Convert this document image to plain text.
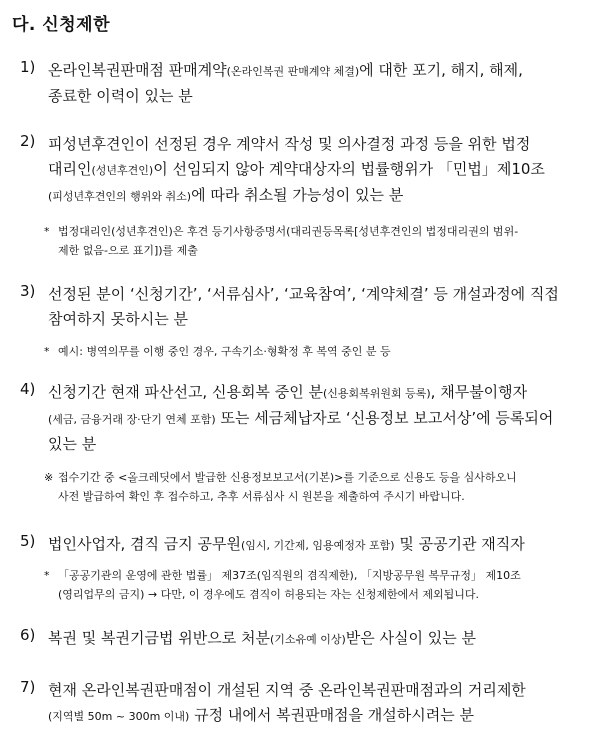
다. 신청제한
1) 온라인복권판매점 판매계약(온라인복권 판매계약 체결)에 대한 포기, 해지, 해제,
종료한 이력이 있는 분
2) 피성년후견인이 선정된 경우 계약서 작성 및 의사결정 과정 등을 위한 법정
대리인(성년후견인)이 선임되지 않아 계약대상자의 법률행위가 「민법」제10조
(피성년후견인의 행위와 취소)에 따라 취소될 가능성이 있는 분
* 법정대리인(성년후견인)은 후견 등기사항증명서(대리권등목록[성년후견인의 법정대리권의 범위-
제한 없음-으로 표기])를 제출
3) 선정된 분이 ‘신청기간’, ‘서류심사’, ‘교육참여’, ‘계약체결’ 등 개설과정에 직접
참여하지 못하시는 분
* 예시: 병역의무를 이행 중인 경우, 구속기소·형확정 후 복역 중인 분 등
4) 신청기간 현재 파산선고, 신용회복 중인 분(신용회복위원회 등록), 채무불이행자
(세금, 금융거래 장·단기 연체 포함) 또는 세금체납자로 ‘신용정보 보고서상’에 등록되어
있는 분
※ 접수기간 중 <올크레딧에서 발급한 신용정보보고서(기본)>를 기준으로 신용도 등을 심사하오니
사전 발급하여 확인 후 접수하고, 추후 서류심사 시 원본을 제출하여 주시기 바랍니다.
5) 법인사업자, 겸직 금지 공무원(임시, 기간제, 임용예정자 포함) 및 공공기관 재직자
* 「공공기관의 운영에 관한 법률」 제37조(임직원의 겸직제한), 「지방공무원 복무규정」 제10조
(영리업무의 금지) → 다만, 이 경우에도 겸직이 허용되는 자는 신청제한에서 제외됩니다.
6) 복권 및 복권기금법 위반으로 처분(기소유예 이상)받은 사실이 있는 분
7) 현재 온라인복권판매점이 개설된 지역 중 온라인복권판매점과의 거리제한
(지역별 50m ~ 300m 이내) 규정 내에서 복권판매점을 개설하시려는 분
